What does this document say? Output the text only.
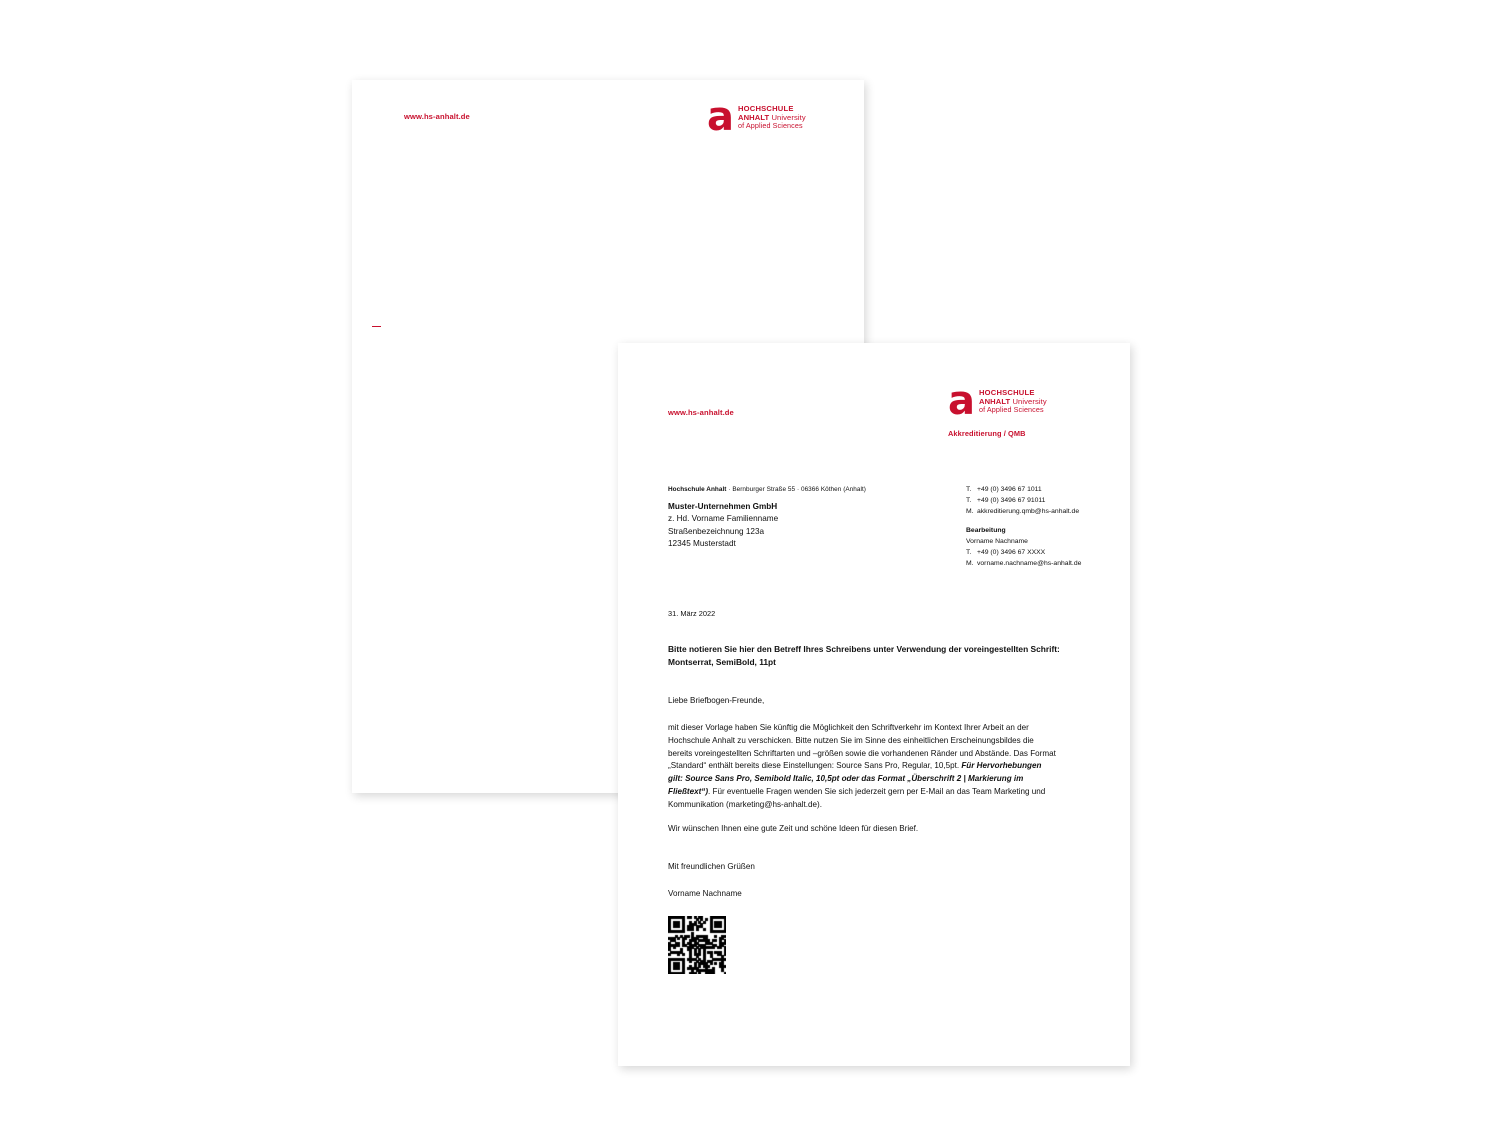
www.hs-anhalt.de	a HOCHSCHULE
ANHALT University
of Applied Sciences
www.hs-anhalt.de	a HOCHSCHULE
ANHALT University
of Applied Sciences
Akkreditierung / QMB
Hochschule Anhalt · Bernburger Straße 55 · 06366 Köthen (Anhalt)
Muster-Unternehmen GmbH
z. Hd. Vorname Familienname
Straßenbezeichnung 123a
12345 Musterstadt
T. +49 (0) 3496 67 1011
T. +49 (0) 3496 67 91011
M. akkreditierung.qmb@hs-anhalt.de
Bearbeitung
Vorname Nachname
T. +49 (0) 3496 67 XXXX
M. vorname.nachname@hs-anhalt.de
31. März 2022
Bitte notieren Sie hier den Betreff Ihres Schreibens unter Verwendung der voreingestellten Schrift: Montserrat, SemiBold, 11pt
Liebe Briefbogen-Freunde,
mit dieser Vorlage haben Sie künftig die Möglichkeit den Schriftverkehr im Kontext Ihrer Arbeit an der Hochschule Anhalt zu verschicken. Bitte nutzen Sie im Sinne des einheitlichen Erscheinungsbildes die bereits voreingestellten Schriftarten und –größen sowie die vorhandenen Ränder und Abstände. Das Format „Standard“ enthält bereits diese Einstellungen: Source Sans Pro, Regular, 10,5pt. Für Hervorhebungen gilt: Source Sans Pro, Semibold Italic, 10,5pt oder das Format „Überschrift 2 | Markierung im Fließtext“). Für eventuelle Fragen wenden Sie sich jederzeit gern per E-Mail an das Team Marketing und Kommunikation (marketing@hs-anhalt.de).
Wir wünschen Ihnen eine gute Zeit und schöne Ideen für diesen Brief.
Mit freundlichen Grüßen
Vorname Nachname
